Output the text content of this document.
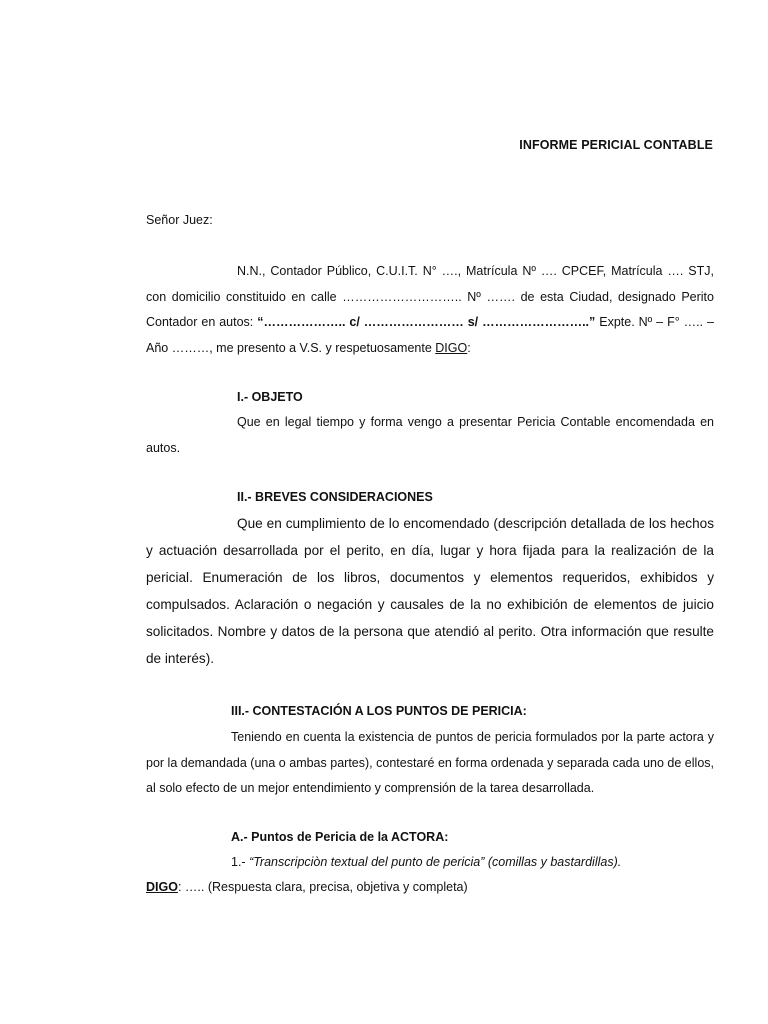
INFORME PERICIAL CONTABLE
Señor Juez:

N.N., Contador Público, C.U.I.T. N° …., Matrícula Nº …. CPCEF, Matrícula …. STJ, con domicilio constituido en calle ……………………….. Nº ……. de esta Ciudad, designado Perito Contador en autos: “……………….. c/ …………………… s/ ……………………..” Expte. Nº – F° ….. – Año ………, me presento a V.S. y respetuosamente DIGO:

I.- OBJETO

Que en legal tiempo y forma vengo a presentar Pericia Contable encomendada en autos.

II.- BREVES CONSIDERACIONES

Que en cumplimiento de lo encomendado (descripción detallada de los hechos y actuación desarrollada por el perito, en día, lugar y hora fijada para la realización de la pericial. Enumeración de los libros, documentos y elementos requeridos, exhibidos y compulsados. Aclaración o negación y causales de la no exhibición de elementos de juicio solicitados. Nombre y datos de la persona que atendió al perito. Otra información que resulte de interés).

III.- CONTESTACIÓN A LOS PUNTOS DE PERICIA:

Teniendo en cuenta la existencia de puntos de pericia formulados por la parte actora y por la demandada (una o ambas partes), contestaré en forma ordenada y separada cada uno de ellos, al solo efecto de un mejor entendimiento y comprensión de la tarea desarrollada.

A.- Puntos de Pericia de la ACTORA:
1.- “Transcripciòn textual del punto de pericia” (comillas y bastardillas).
DIGO: ….. (Respuesta clara, precisa, objetiva y completa)
